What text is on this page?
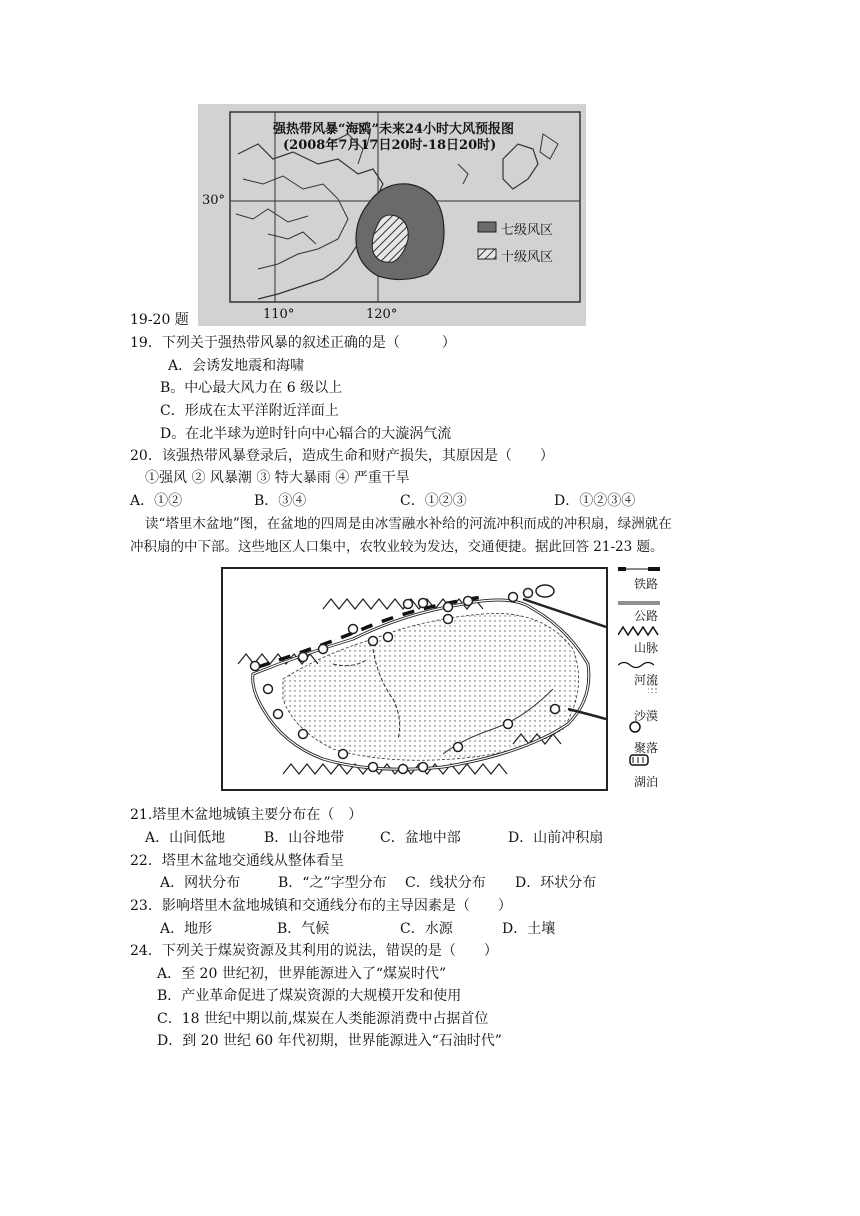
强热带风暴“海鸥”未来24小时大风预报图
(2008年7月17日20时-18日20时)
30°
110°	120°
七级风区
十级风区
19-20 题
19．下列关于强热带风暴的叙述正确的是（　　　）
A．会诱发地震和海啸
B。中心最大风力在 6 级以上
C．形成在太平洋附近洋面上
D。在北半球为逆时针向中心辐合的大漩涡气流
20．该强热带风暴登录后，造成生命和财产损失，其原因是（　　）
①强风 ② 风暴潮 ③ 特大暴雨 ④ 严重干旱
A．①②	B．③④	C．①②③	D．①②③④
读“塔里木盆地”图，在盆地的四周是由冰雪融水补给的河流冲积而成的冲积扇，绿洲就在
冲积扇的中下部。这些地区人口集中，农牧业较为发达，交通便捷。据此回答 21-23 题。
铁路
公路
山脉
河流
沙漠
聚落
湖泊
21.塔里木盆地城镇主要分布在（　）
A．山间低地	B．山谷地带	C．盆地中部	D．山前冲积扇
22．塔里木盆地交通线从整体看呈
A．网状分布	B．“之”字型分布 C．线状分布 D．环状分布
23．影响塔里木盆地城镇和交通线分布的主导因素是（　　）
A．地形	B．气候	C．水源	D．土壤
24．下列关于煤炭资源及其利用的说法，错误的是（　　）
A．至 20 世纪初，世界能源进入了“煤炭时代”
B．产业革命促进了煤炭资源的大规模开发和使用
C．18 世纪中期以前,煤炭在人类能源消费中占据首位
D．到 20 世纪 60 年代初期，世界能源进入“石油时代”
